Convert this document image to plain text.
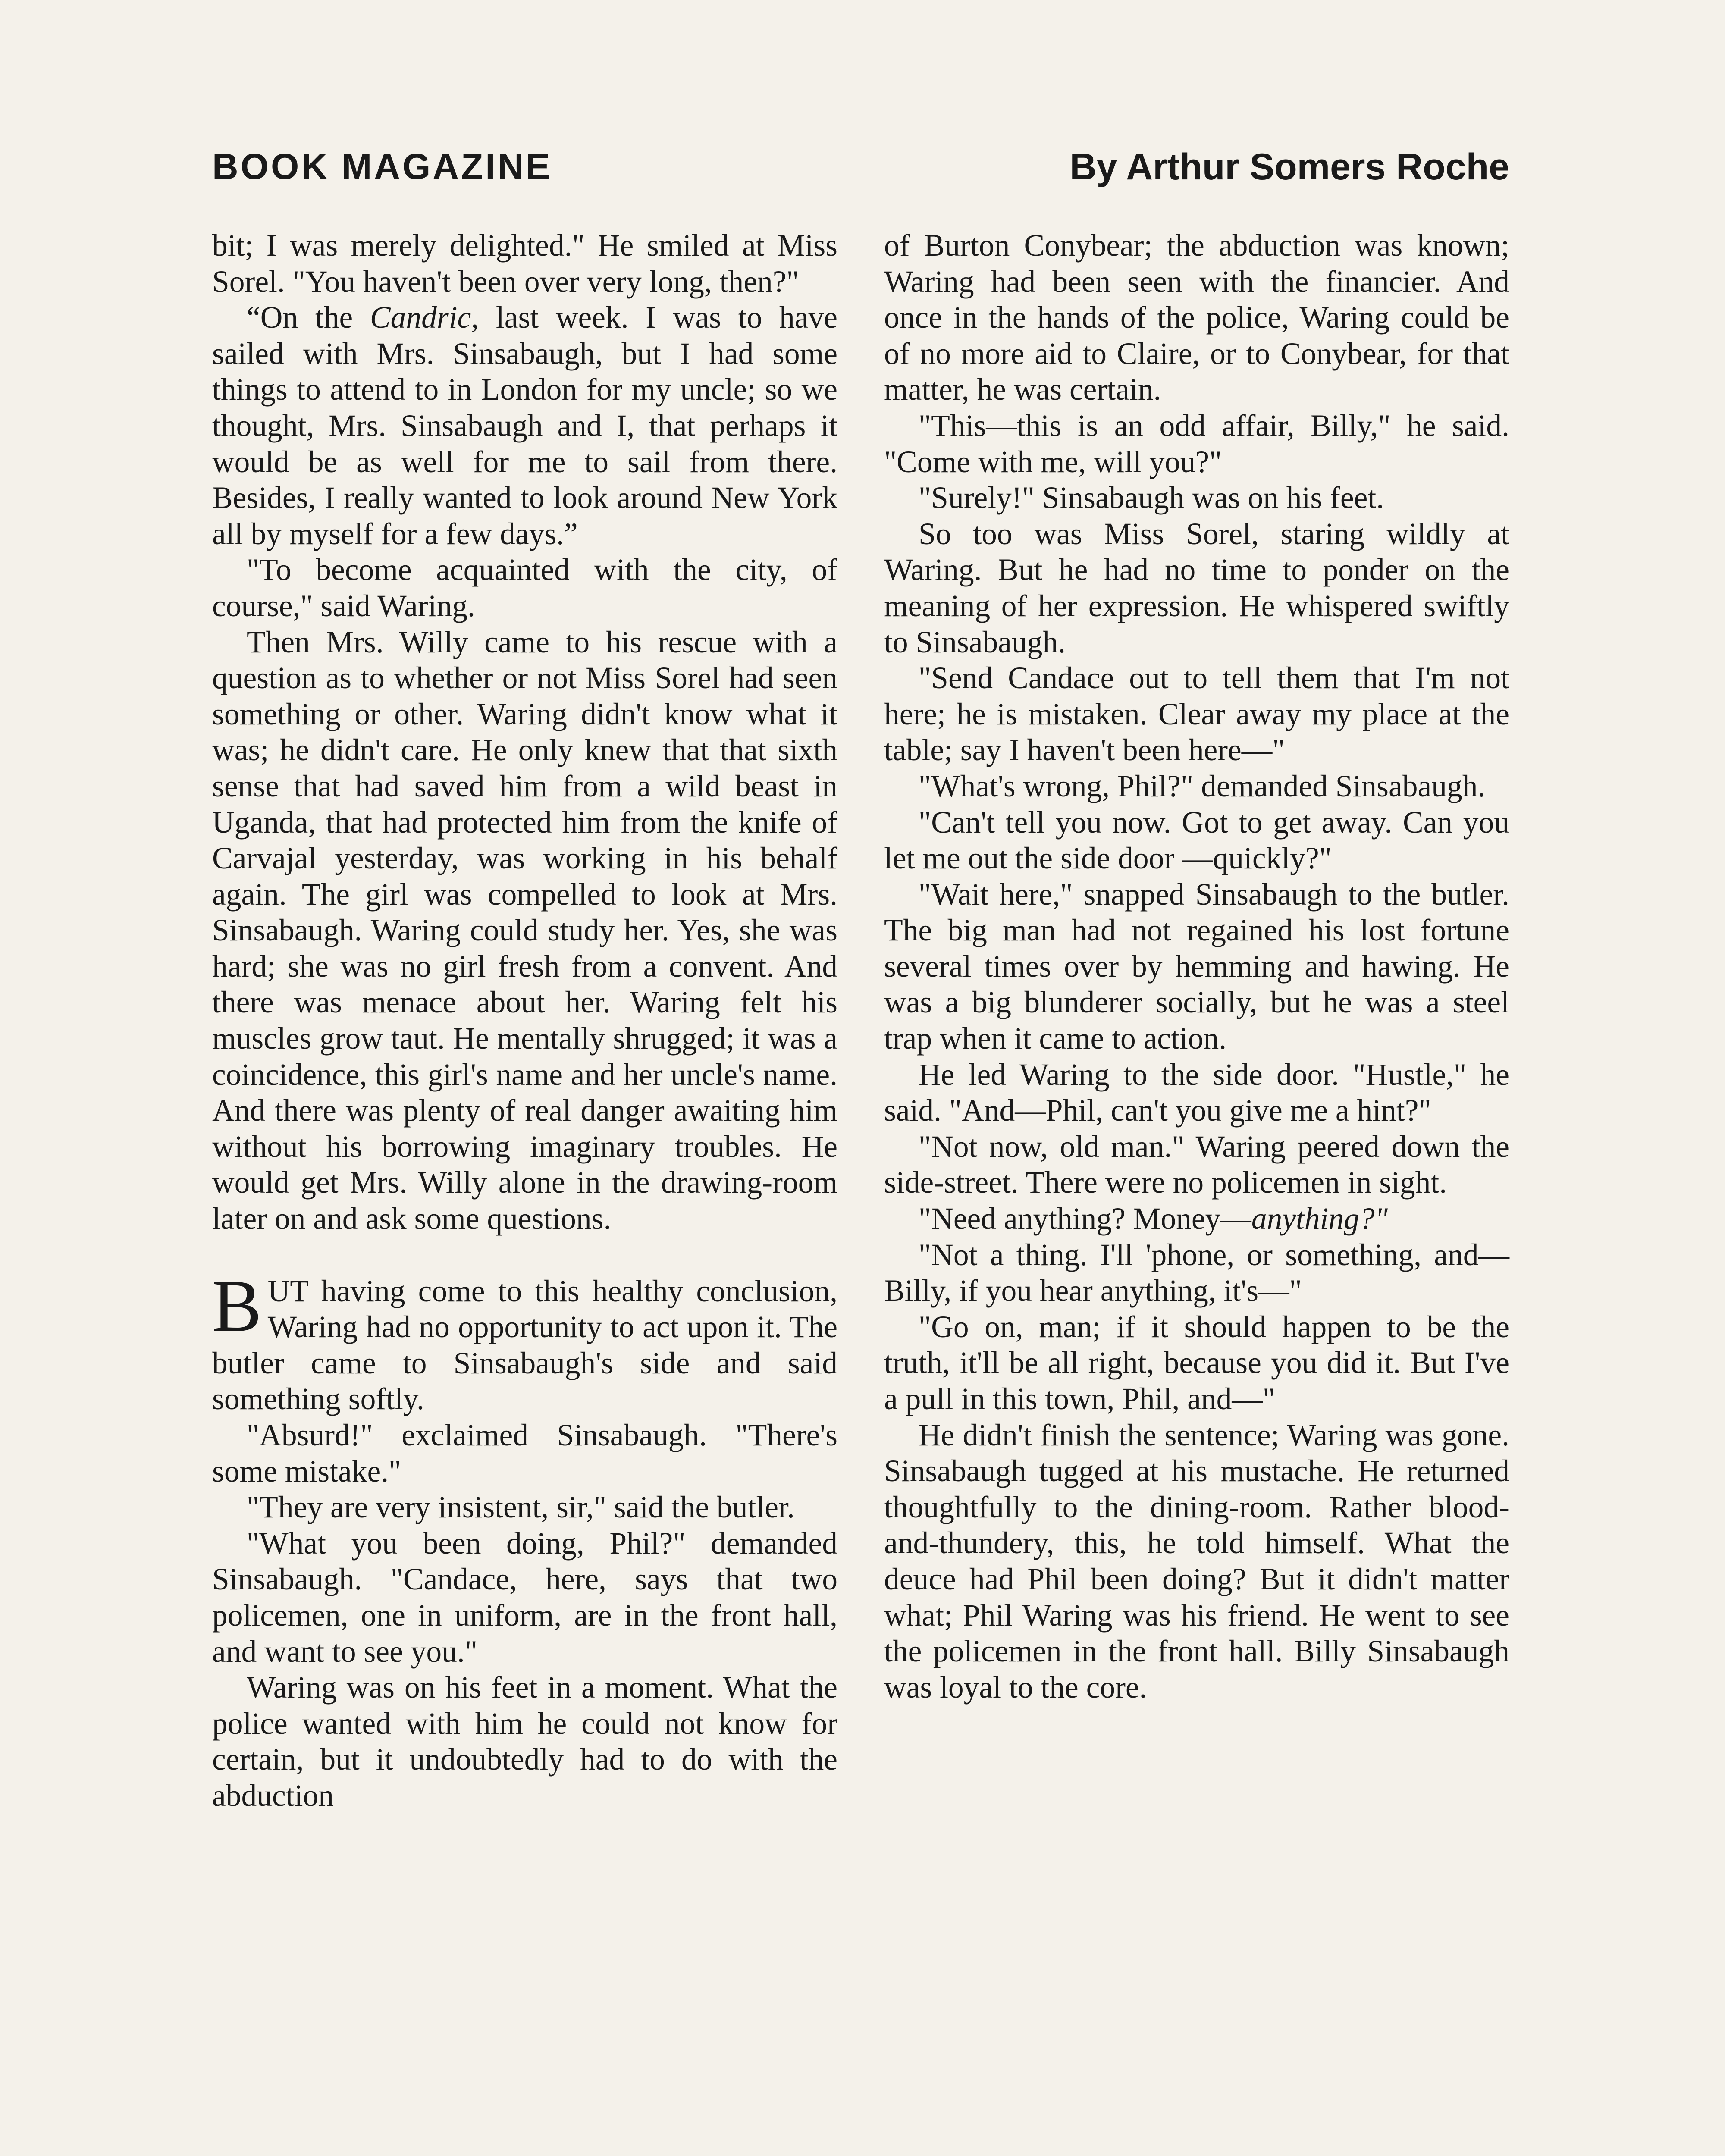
BOOK MAGAZINE	By Arthur Somers Roche

bit; I was merely delighted." He smiled at Miss Sorel. "You haven't been over very long, then?"

“On the Candric, last week. I was to have sailed with Mrs. Sinsabaugh, but I had some things to attend to in London for my uncle; so we thought, Mrs. Sinsabaugh and I, that perhaps it would be as well for me to sail from there. Besides, I really wanted to look around New York all by myself for a few days.”

"To become acquainted with the city, of course," said Waring.

Then Mrs. Willy came to his rescue with a question as to whether or not Miss Sorel had seen something or other. Waring didn't know what it was; he didn't care. He only knew that that sixth sense that had saved him from a wild beast in Uganda, that had protected him from the knife of Carvajal yesterday, was working in his behalf again. The girl was compelled to look at Mrs. Sinsabaugh. Waring could study her. Yes, she was hard; she was no girl fresh from a convent. And there was menace about her. Waring felt his muscles grow taut. He mentally shrugged; it was a coincidence, this girl's name and her uncle's name. And there was plenty of real danger awaiting him without his borrowing imaginary troubles. He would get Mrs. Willy alone in the drawing-room later on and ask some questions.

BUT having come to this healthy conclusion, Waring had no opportunity to act upon it. The butler came to Sinsabaugh's side and said something softly.

"Absurd!" exclaimed Sinsabaugh. "There's some mistake."

"They are very insistent, sir," said the butler.

"What you been doing, Phil?" demanded Sinsabaugh. "Candace, here, says that two policemen, one in uniform, are in the front hall, and want to see you."

Waring was on his feet in a moment. What the police wanted with him he could not know for certain, but it undoubtedly had to do with the abduction

of Burton Conybear; the abduction was known; Waring had been seen with the financier. And once in the hands of the police, Waring could be of no more aid to Claire, or to Conybear, for that matter, he was certain.

"This—this is an odd affair, Billy," he said. "Come with me, will you?"

"Surely!" Sinsabaugh was on his feet.

So too was Miss Sorel, staring wildly at Waring. But he had no time to ponder on the meaning of her expression. He whispered swiftly to Sinsabaugh.

"Send Candace out to tell them that I'm not here; he is mistaken. Clear away my place at the table; say I haven't been here—"

"What's wrong, Phil?" demanded Sinsabaugh.

"Can't tell you now. Got to get away. Can you let me out the side door —quickly?"

"Wait here," snapped Sinsabaugh to the butler. The big man had not regained his lost fortune several times over by hemming and hawing. He was a big blunderer socially, but he was a steel trap when it came to action.

He led Waring to the side door. "Hustle," he said. "And—Phil, can't you give me a hint?"

"Not now, old man." Waring peered down the side-street. There were no policemen in sight.

"Need anything? Money—anything?"

"Not a thing. I'll 'phone, or something, and—Billy, if you hear anything, it's—"

"Go on, man; if it should happen to be the truth, it'll be all right, because you did it. But I've a pull in this town, Phil, and—"

He didn't finish the sentence; Waring was gone. Sinsabaugh tugged at his mustache. He returned thoughtfully to the dining-room. Rather blood-and-thundery, this, he told himself. What the deuce had Phil been doing? But it didn't matter what; Phil Waring was his friend. He went to see the policemen in the front hall. Billy Sinsabaugh was loyal to the core.
